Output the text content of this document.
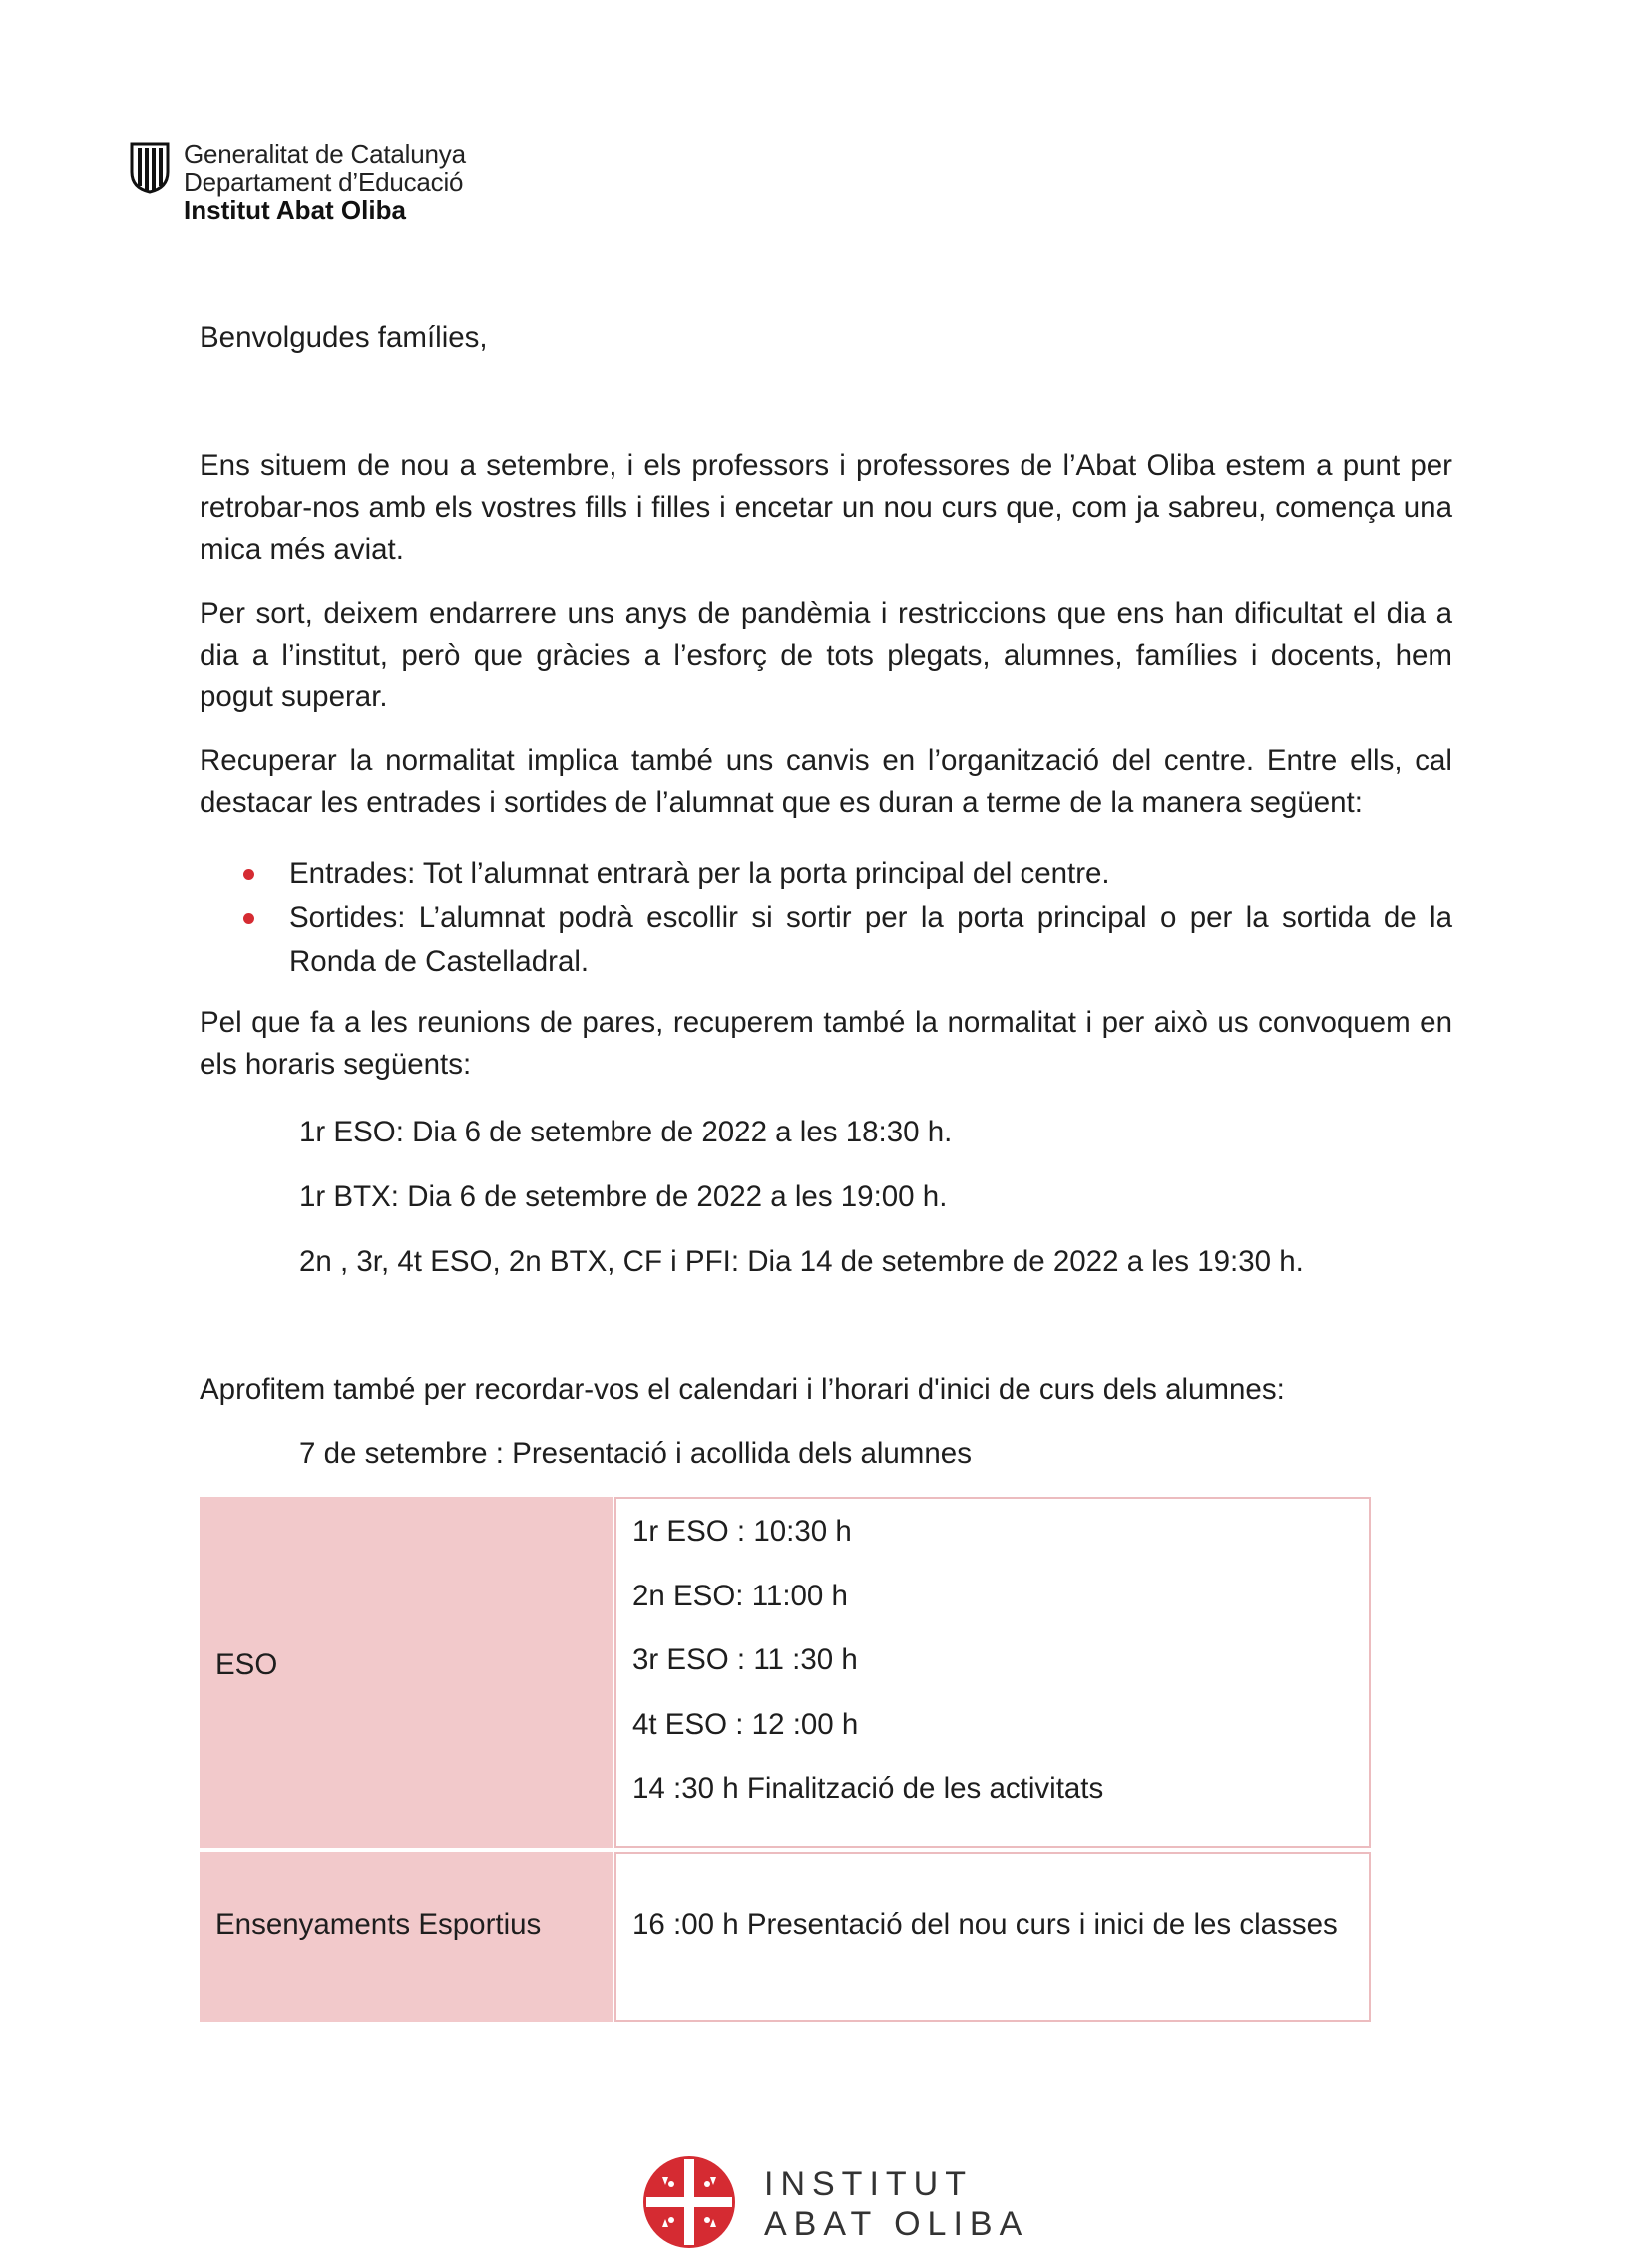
Generalitat de Catalunya
Departament d’Educació
Institut Abat Oliba
Benvolgudes famílies,

Ens situem de nou a setembre, i els professors i professores de l’Abat Oliba estem a punt per retrobar-nos amb els vostres fills i filles i encetar un nou curs que, com ja sabreu, comença una mica més aviat.

Per sort, deixem endarrere uns anys de pandèmia i restriccions que ens han dificultat el dia a dia a l’institut, però que gràcies a l’esforç de tots plegats, alumnes, famílies i docents, hem pogut superar.

Recuperar la normalitat implica també uns canvis en l’organització del centre. Entre ells, cal destacar les entrades i sortides de l’alumnat que es duran a terme de la manera següent:

Entrades: Tot l’alumnat entrarà per la porta principal del centre.
Sortides: L’alumnat podrà escollir si sortir per la porta principal o per la sortida de la Ronda de Castelladral.

Pel que fa a les reunions de pares, recuperem també la normalitat i per això us convoquem en els horaris següents:

1r ESO: Dia 6 de setembre de 2022 a les 18:30 h.
1r BTX: Dia 6 de setembre de 2022 a les 19:00 h.
2n , 3r, 4t ESO, 2n BTX, CF i PFI: Dia 14 de setembre de 2022 a les 19:30 h.
Aprofitem també per recordar-vos el calendari i l’horari d'inici de curs dels alumnes:
7 de setembre : Presentació i acollida dels alumnes
ESO
1r ESO : 10:30 h
2n ESO: 11:00 h
3r ESO : 11 :30 h
4t ESO : 12 :00 h
14 :30 h Finalització de les activitats
Ensenyaments Esportius	16 :00 h Presentació del nou curs i inici de les classes
INSTITUT
ABAT OLIBA
